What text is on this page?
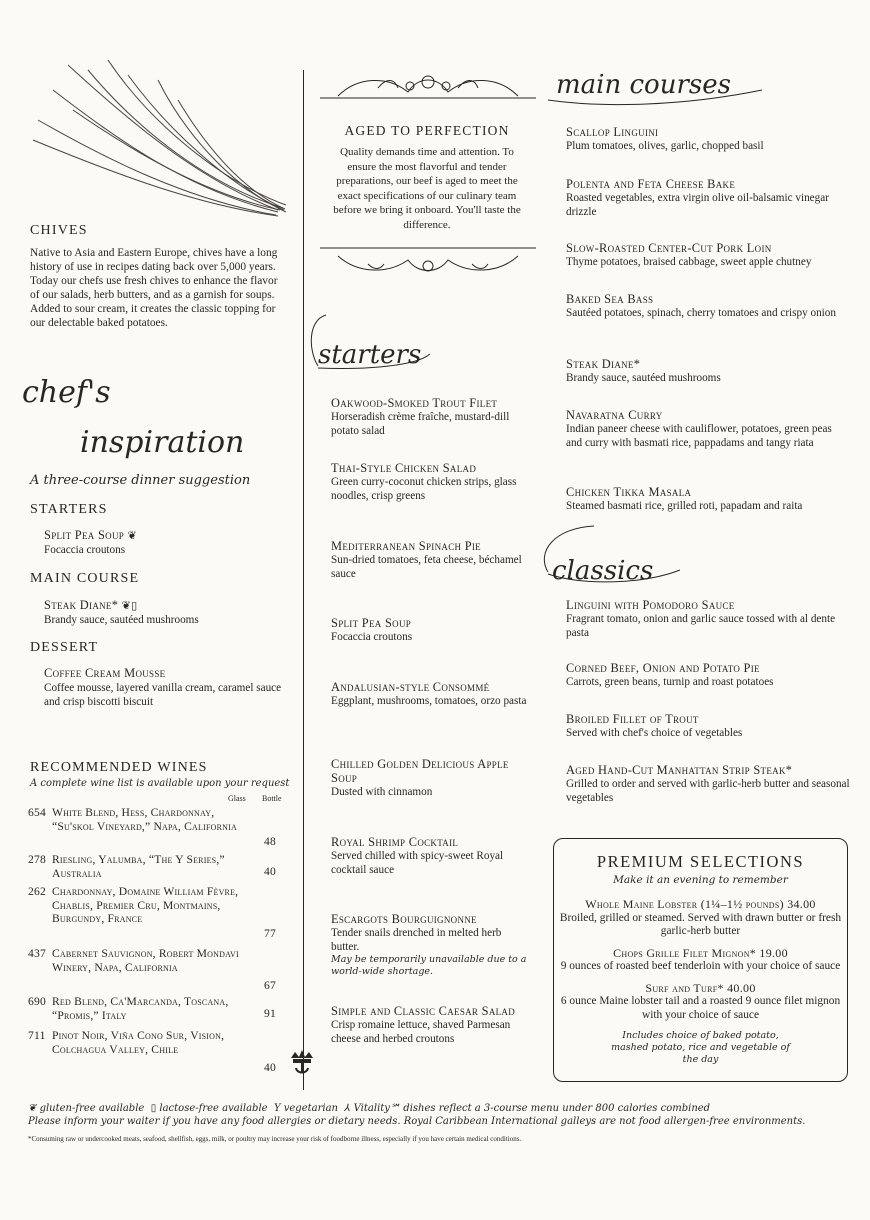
CHIVES
Native to Asia and Eastern Europe, chives have a long history of use in recipes dating back over 5,000 years. Today our chefs use fresh chives to enhance the flavor of our salads, herb butters, and as a garnish for soups. Added to sour cream, it creates the classic topping for our delectable baked potatoes.
chef's
inspiration
A three-course dinner suggestion
STARTERS
Split Pea Soup ❦
Focaccia croutons
MAIN COURSE
Steak Diane* ❦▯
Brandy sauce, sautéed mushrooms
DESSERT
Coffee Cream Mousse
Coffee mousse, layered vanilla cream, caramel sauce and crisp biscotti biscuit
RECOMMENDED WINES
A complete wine list is available upon your request
Glass Bottle
654 White Blend, Hess, Chardonnay, “Su'skol Vineyard,” Napa, California
48
278 Riesling, Yalumba, “The Y Series,” Australia	40
262 Chardonnay, Domaine William Fèvre, Chablis, Premier Cru, Montmains, Burgundy, France
77
437 Cabernet Sauvignon, Robert Mondavi Winery, Napa, California
67
690 Red Blend, Ca'Marcanda, Toscana, “Promis,” Italy	91
711 Pinot Noir, Viña Cono Sur, Vision, Colchagua Valley, Chile
40
AGED TO PERFECTION
Quality demands time and attention. To ensure the most flavorful and tender preparations, our beef is aged to meet the exact specifications of our culinary team before we bring it onboard. You'll taste the difference.
starters
Oakwood-Smoked Trout Filet
Horseradish crème fraîche, mustard-dill potato salad
Thai-Style Chicken Salad
Green curry-coconut chicken strips, glass noodles, crisp greens
Mediterranean Spinach Pie
Sun-dried tomatoes, feta cheese, béchamel sauce
Split Pea Soup
Focaccia croutons
Andalusian-style Consommé
Eggplant, mushrooms, tomatoes, orzo pasta
Chilled Golden Delicious Apple Soup
Dusted with cinnamon
Royal Shrimp Cocktail
Served chilled with spicy-sweet Royal cocktail sauce
Escargots Bourguignonne
Tender snails drenched in melted herb butter.
May be temporarily unavailable due to a world-wide shortage.
Simple and Classic Caesar Salad
Crisp romaine lettuce, shaved Parmesan cheese and herbed croutons
main courses
Scallop Linguini
Plum tomatoes, olives, garlic, chopped basil
Polenta and Feta Cheese Bake
Roasted vegetables, extra virgin olive oil-balsamic vinegar drizzle
Slow-Roasted Center-Cut Pork Loin
Thyme potatoes, braised cabbage, sweet apple chutney
Baked Sea Bass
Sautéed potatoes, spinach, cherry tomatoes and crispy onion
Steak Diane*
Brandy sauce, sautéed mushrooms
Navaratna Curry
Indian paneer cheese with cauliflower, potatoes, green peas and curry with basmati rice, pappadams and tangy riata
Chicken Tikka Masala
Steamed basmati rice, grilled roti, papadam and raita
classics
Linguini with Pomodoro Sauce
Fragrant tomato, onion and garlic sauce tossed with al dente pasta
Corned Beef, Onion and Potato Pie
Carrots, green beans, turnip and roast potatoes
Broiled Fillet of Trout
Served with chef's choice of vegetables
Aged Hand-Cut Manhattan Strip Steak*
Grilled to order and served with garlic-herb butter and seasonal vegetables
PREMIUM SELECTIONS
Make it an evening to remember
Whole Maine Lobster (1¼–1½ pounds) 34.00
Broiled, grilled or steamed. Served with drawn butter or fresh garlic-herb butter
Chops Grille Filet Mignon* 19.00
9 ounces of roasted beef tenderloin with your choice of sauce
Surf and Turf* 40.00
6 ounce Maine lobster tail and a roasted 9 ounce filet mignon with your choice of sauce
Includes choice of baked potato, mashed potato, rice and vegetable of the day
❦ gluten-free available ▯ lactose-free available Y vegetarian ⅄ Vitality℠ dishes reflect a 3-course menu under 800 calories combined
Please inform your waiter if you have any food allergies or dietary needs. Royal Caribbean International galleys are not food allergen-free environments.
*Consuming raw or undercooked meats, seafood, shellfish, eggs, milk, or poultry may increase your risk of foodborne illness, especially if you have certain medical conditions.
